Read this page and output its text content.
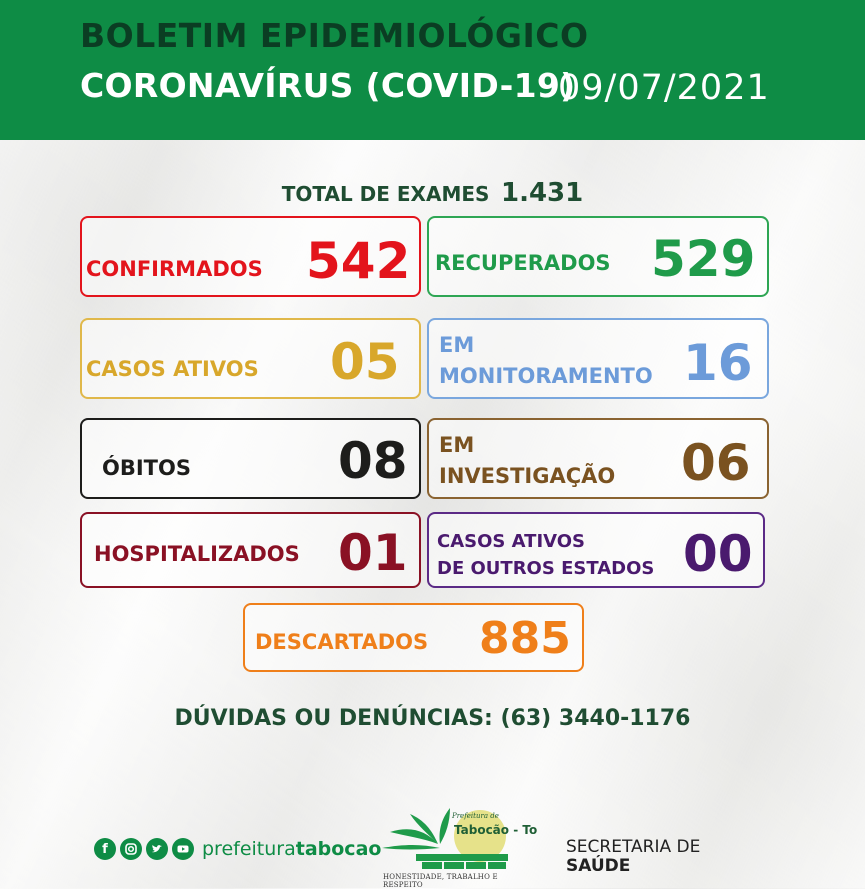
BOLETIM EPIDEMIOLÓGICO
CORONAVÍRUS (COVID-19)
09/07/2021
TOTAL DE EXAMES 1.431
CONFIRMADOS 542 RECUPERADOS 529
CASOS ATIVOS 05 EM
MONITORAMENTO 16
ÓBITOS	08 EM
INVESTIGAÇÃO 06
HOSPITALIZADOS 01 CASOS ATIVOS
DE OUTROS ESTADOS 00
DESCARTADOS 885
DÚVIDAS OU DENÚNCIAS: (63) 3440-1176
f	prefeituratabocao
Prefeitura de
Tabocão - To
HONESTIDADE, TRABALHO E RESPEITO
SECRETARIA DE
SAÚDE
